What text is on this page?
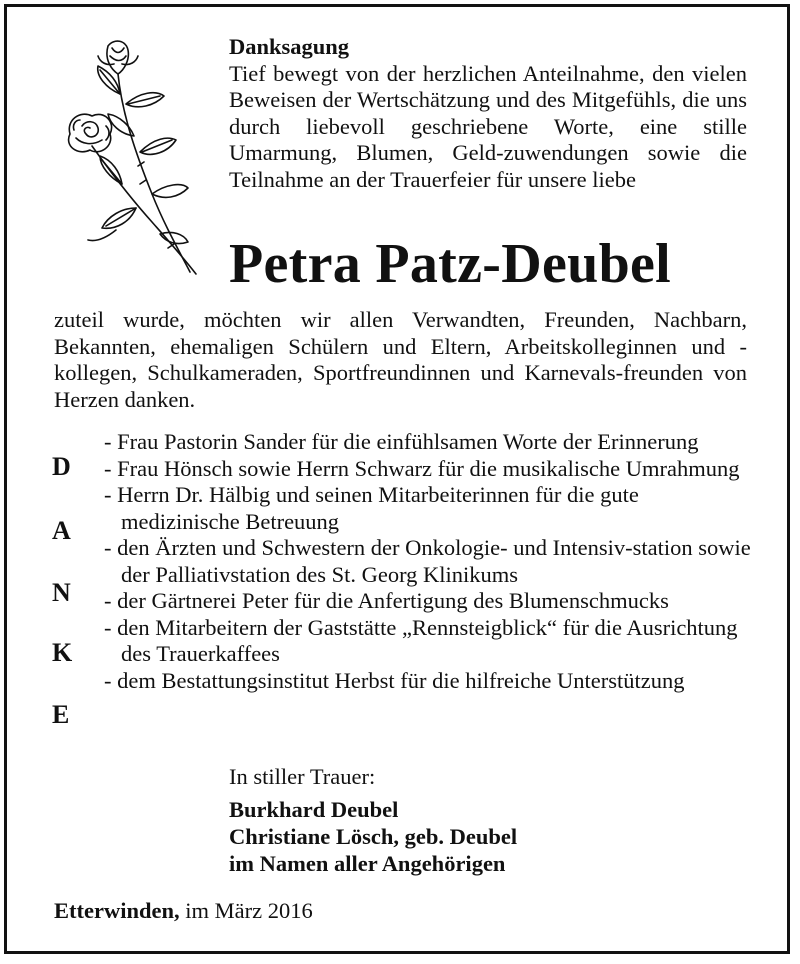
Danksagung
Tief bewegt von der herzlichen Anteilnahme, den vielen Beweisen der Wertschätzung und des Mitgefühls, die uns durch liebevoll geschriebene Worte, eine stille Umarmung, Blumen, Geld-zuwendungen sowie die Teilnahme an der Trauerfeier für unsere liebe
Petra Patz-Deubel
zuteil wurde, möchten wir allen Verwandten, Freunden, Nachbarn, Bekannten, ehemaligen Schülern und Eltern, Arbeitskolleginnen und -kollegen, Schulkameraden, Sportfreundinnen und Karnevals-freunden von Herzen danken.
D
A
N
K
E
- Frau Pastorin Sander für die einfühlsamen Worte der Erinnerung
- Frau Hönsch sowie Herrn Schwarz für die musikalische Umrahmung
- Herrn Dr. Hälbig und seinen Mitarbeiterinnen für die gute medizinische Betreuung
- den Ärzten und Schwestern der Onkologie- und Intensiv-station sowie der Palliativstation des St. Georg Klinikums
- der Gärtnerei Peter für die Anfertigung des Blumenschmucks
- den Mitarbeitern der Gaststätte „Rennsteigblick“ für die Ausrichtung des Trauerkaffees
- dem Bestattungsinstitut Herbst für die hilfreiche Unterstützung
In stiller Trauer:
Burkhard Deubel
Christiane Lösch, geb. Deubel
im Namen aller Angehörigen
Etterwinden, im März 2016
